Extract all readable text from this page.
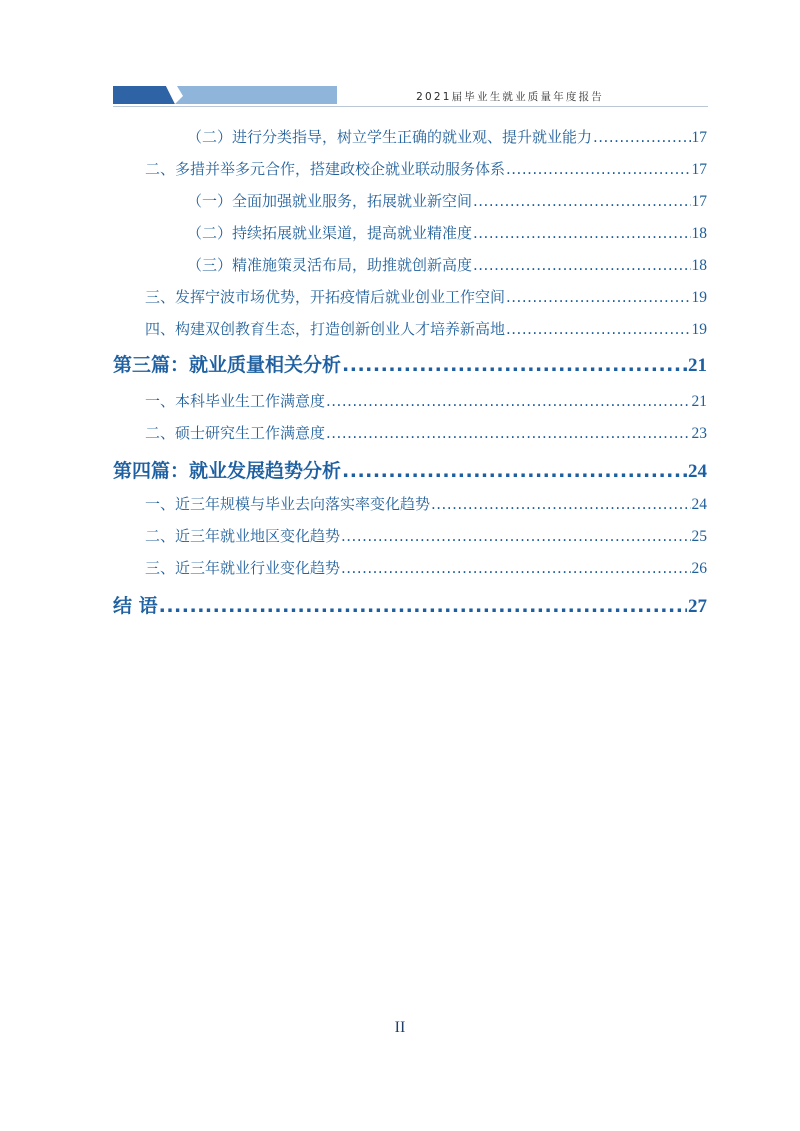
2021届毕业生就业质量年度报告
（二）进行分类指导，树立学生正确的就业观、提升就业能力 .....	17
二、多措并举多元合作，搭建政校企就业联动服务体系 .....	17
（一）全面加强就业服务，拓展就业新空间 .....	17
（二）持续拓展就业渠道，提高就业精准度 .....	18
（三）精准施策灵活布局，助推就创新高度 .....	18
三、发挥宁波市场优势，开拓疫情后就业创业工作空间 .....	19
四、构建双创教育生态，打造创新创业人才培养新高地 .....	19
第三篇：就业质量相关分析 .....	21
一、本科毕业生工作满意度 .....	21
二、硕士研究生工作满意度 .....	23
第四篇：就业发展趋势分析 .....	24
一、近三年规模与毕业去向落实率变化趋势 .....	24
二、近三年就业地区变化趋势 .....	25
三、近三年就业行业变化趋势 .....	26
结 语 .....	27
II
